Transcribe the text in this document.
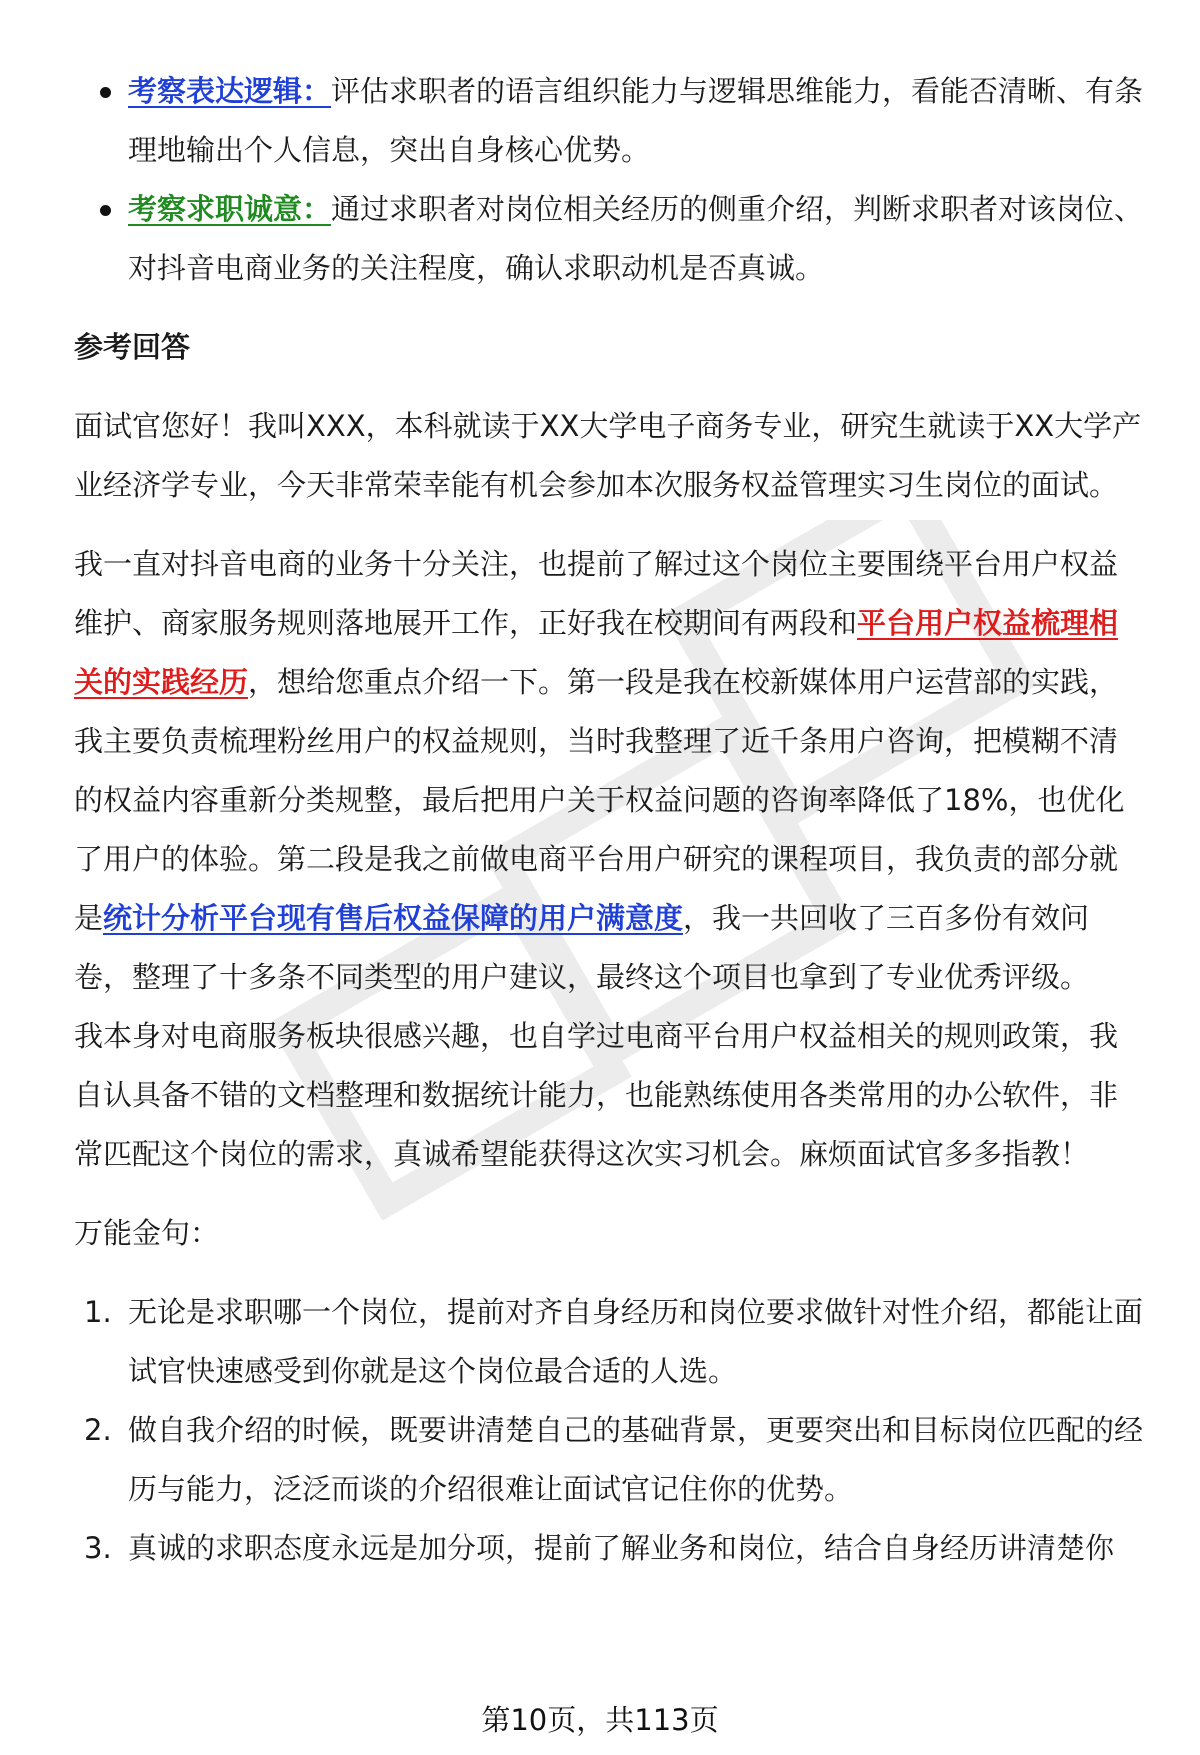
考察表达逻辑：评估求职者的语言组织能力与逻辑思维能力，看能否清晰、有条理地输出个人信息，突出自身核心优势。
考察求职诚意：通过求职者对岗位相关经历的侧重介绍，判断求职者对该岗位、对抖音电商业务的关注程度，确认求职动机是否真诚。
参考回答
面试官您好！我叫XXX，本科就读于XX大学电子商务专业，研究生就读于XX大学产业经济学专业，今天非常荣幸能有机会参加本次服务权益管理实习生岗位的面试。
我一直对抖音电商的业务十分关注，也提前了解过这个岗位主要围绕平台用户权益维护、商家服务规则落地展开工作，正好我在校期间有两段和平台用户权益梳理相关的实践经历，想给您重点介绍一下。第一段是我在校新媒体用户运营部的实践，我主要负责梳理粉丝用户的权益规则，当时我整理了近千条用户咨询，把模糊不清的权益内容重新分类规整，最后把用户关于权益问题的咨询率降低了18%，也优化了用户的体验。第二段是我之前做电商平台用户研究的课程项目，我负责的部分就是统计分析平台现有售后权益保障的用户满意度，我一共回收了三百多份有效问卷，整理了十多条不同类型的用户建议，最终这个项目也拿到了专业优秀评级。
我本身对电商服务板块很感兴趣，也自学过电商平台用户权益相关的规则政策，我自认具备不错的文档整理和数据统计能力，也能熟练使用各类常用的办公软件，非常匹配这个岗位的需求，真诚希望能获得这次实习机会。麻烦面试官多多指教！
万能金句：
1. 无论是求职哪一个岗位，提前对齐自身经历和岗位要求做针对性介绍，都能让面试官快速感受到你就是这个岗位最合适的人选。
2. 做自我介绍的时候，既要讲清楚自己的基础背景，更要突出和目标岗位匹配的经历与能力，泛泛而谈的介绍很难让面试官记住你的优势。
3. 真诚的求职态度永远是加分项，提前了解业务和岗位，结合自身经历讲清楚你
第10页，共113页
